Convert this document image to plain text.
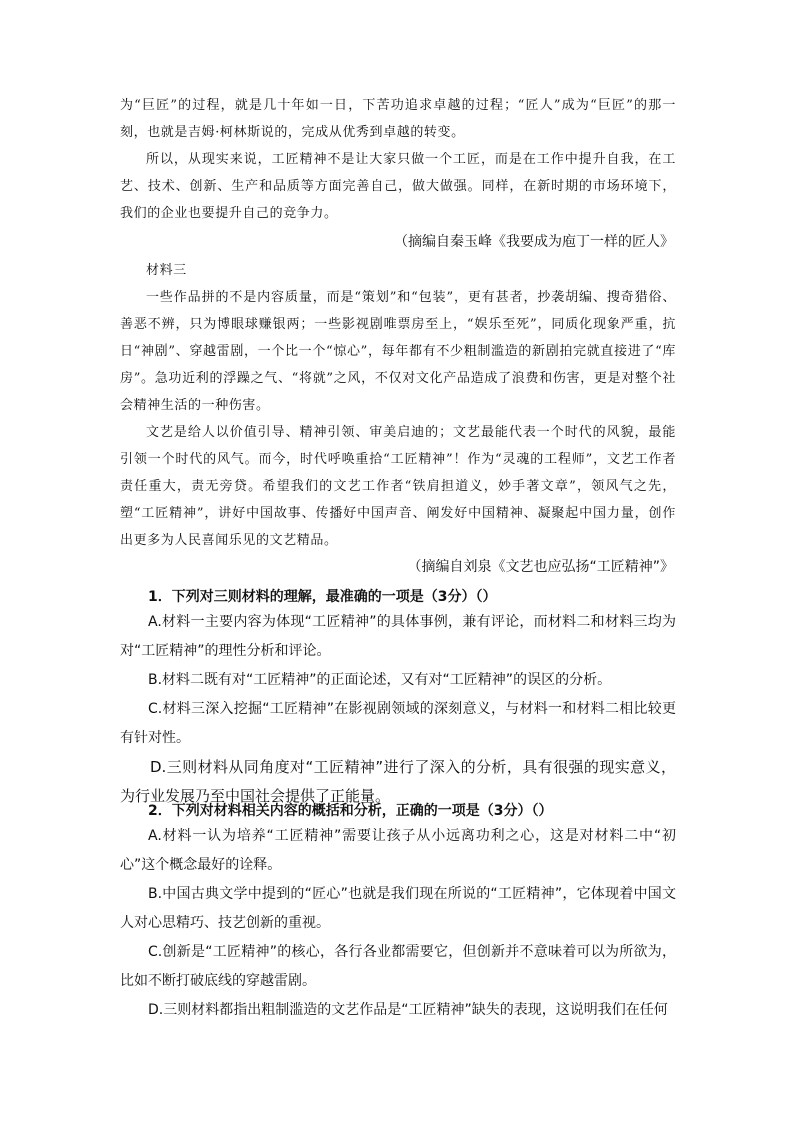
为“巨匠”的过程，就是几十年如一日，下苦功追求卓越的过程；“匠人”成为“巨匠”的那一刻，也就是吉姆·柯林斯说的，完成从优秀到卓越的转变。

所以，从现实来说，工匠精神不是让大家只做一个工匠，而是在工作中提升自我，在工艺、技术、创新、生产和品质等方面完善自己，做大做强。同样，在新时期的市场环境下，我们的企业也要提升自己的竞争力。

（摘编自秦玉峰《我要成为庖丁一样的匠人》

材料三

一些作品拼的不是内容质量，而是“策划”和“包装”，更有甚者，抄袭胡编、搜奇猎俗、善恶不辨，只为博眼球赚银两；一些影视剧唯票房至上，“娱乐至死”，同质化现象严重，抗日“神剧”、穿越雷剧，一个比一个“惊心”，每年都有不少粗制滥造的新剧拍完就直接进了“库房”。急功近利的浮躁之气、“将就”之风，不仅对文化产品造成了浪费和伤害，更是对整个社会精神生活的一种伤害。

文艺是给人以价值引导、精神引领、审美启迪的；文艺最能代表一个时代的风貌，最能引领一个时代的风气。而今，时代呼唤重拾“工匠精神”！作为“灵魂的工程师”，文艺工作者责任重大，责无旁贷。希望我们的文艺工作者“铁肩担道义，妙手著文章”，领风气之先，塑“工匠精神”，讲好中国故事、传播好中国声音、阐发好中国精神、凝聚起中国力量，创作出更多为人民喜闻乐见的文艺精品。

（摘编自刘泉《文艺也应弘扬“工匠精神”》

1．下列对三则材料的理解，最准确的一项是（3分）（）

A.材料一主要内容为体现“工匠精神”的具体事例，兼有评论，而材料二和材料三均为对“工匠精神”的理性分析和评论。

B.材料二既有对“工匠精神”的正面论述，又有对“工匠精神”的误区的分析。

C.材料三深入挖掘“工匠精神”在影视剧领域的深刻意义，与材料一和材料二相比较更有针对性。

D.三则材料从同角度对“工匠精神”进行了深入的分析，具有很强的现实意义，为行业发展乃至中国社会提供了正能量。

2．下列对材料相关内容的概括和分析，正确的一项是（3分）（）

A.材料一认为培养“工匠精神”需要让孩子从小远离功利之心，这是对材料二中“初心”这个概念最好的诠释。

B.中国古典文学中提到的“匠心”也就是我们现在所说的“工匠精神”，它体现着中国文人对心思精巧、技艺创新的重视。

C.创新是“工匠精神”的核心，各行各业都需要它，但创新并不意味着可以为所欲为，比如不断打破底线的穿越雷剧。

D.三则材料都指出粗制滥造的文艺作品是“工匠精神”缺失的表现，这说明我们在任何
